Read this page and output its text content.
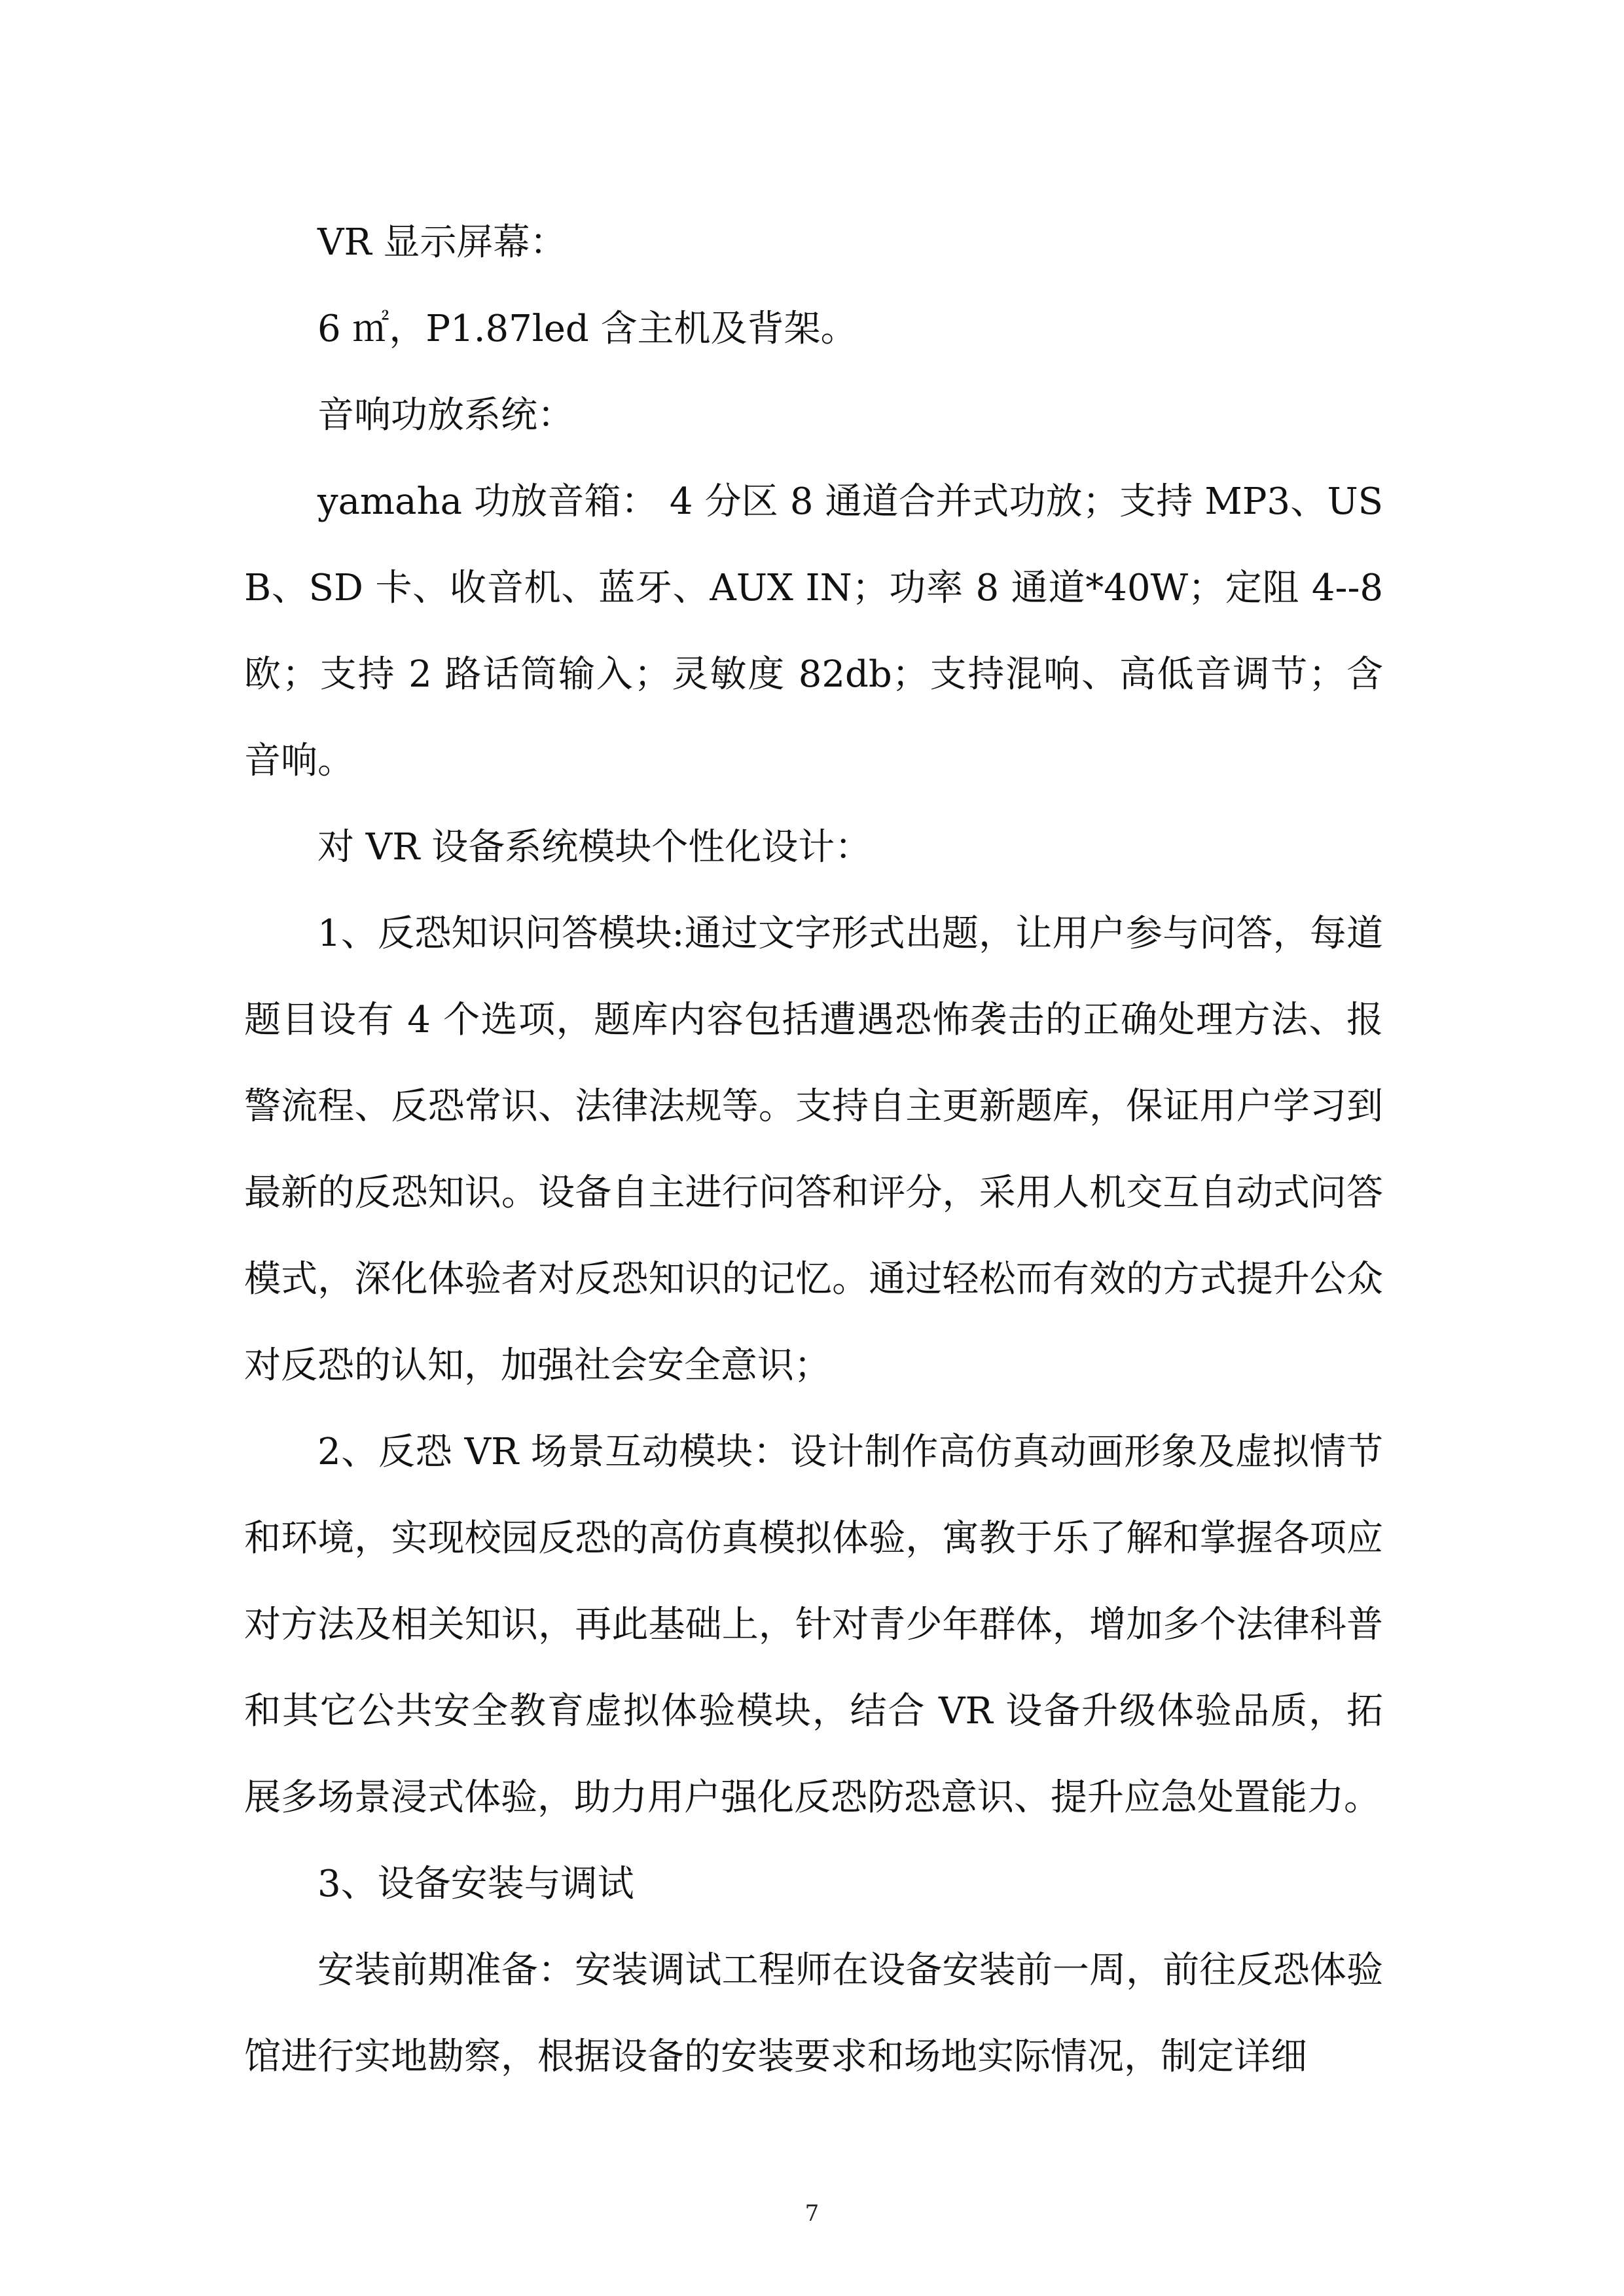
VR 显示屏幕：

6 ㎡，P1.87led 含主机及背架。

音响功放系统：

yamaha 功放音箱： 4 分区 8 通道合并式功放；支持 MP3、USB、SD 卡、收音机、蓝牙、AUX IN；功率 8 通道*40W；定阻 4--8 欧；支持 2 路话筒输入；灵敏度 82db；支持混响、高低音调节；含音响。

对 VR 设备系统模块个性化设计：

1、反恐知识问答模块:通过文字形式出题，让用户参与问答，每道题目设有 4 个选项，题库内容包括遭遇恐怖袭击的正确处理方法、报警流程、反恐常识、法律法规等。支持自主更新题库，保证用户学习到最新的反恐知识。设备自主进行问答和评分，采用人机交互自动式问答模式，深化体验者对反恐知识的记忆。通过轻松而有效的方式提升公众对反恐的认知，加强社会安全意识；

2、反恐 VR 场景互动模块：设计制作高仿真动画形象及虚拟情节和环境，实现校园反恐的高仿真模拟体验，寓教于乐了解和掌握各项应对方法及相关知识，再此基础上，针对青少年群体，增加多个法律科普和其它公共安全教育虚拟体验模块，结合 VR 设备升级体验品质，拓展多场景浸式体验，助力用户强化反恐防恐意识、提升应急处置能力。

3、设备安装与调试

安装前期准备：安装调试工程师在设备安装前一周，前往反恐体验馆进行实地勘察，根据设备的安装要求和场地实际情况，制定详细

7
